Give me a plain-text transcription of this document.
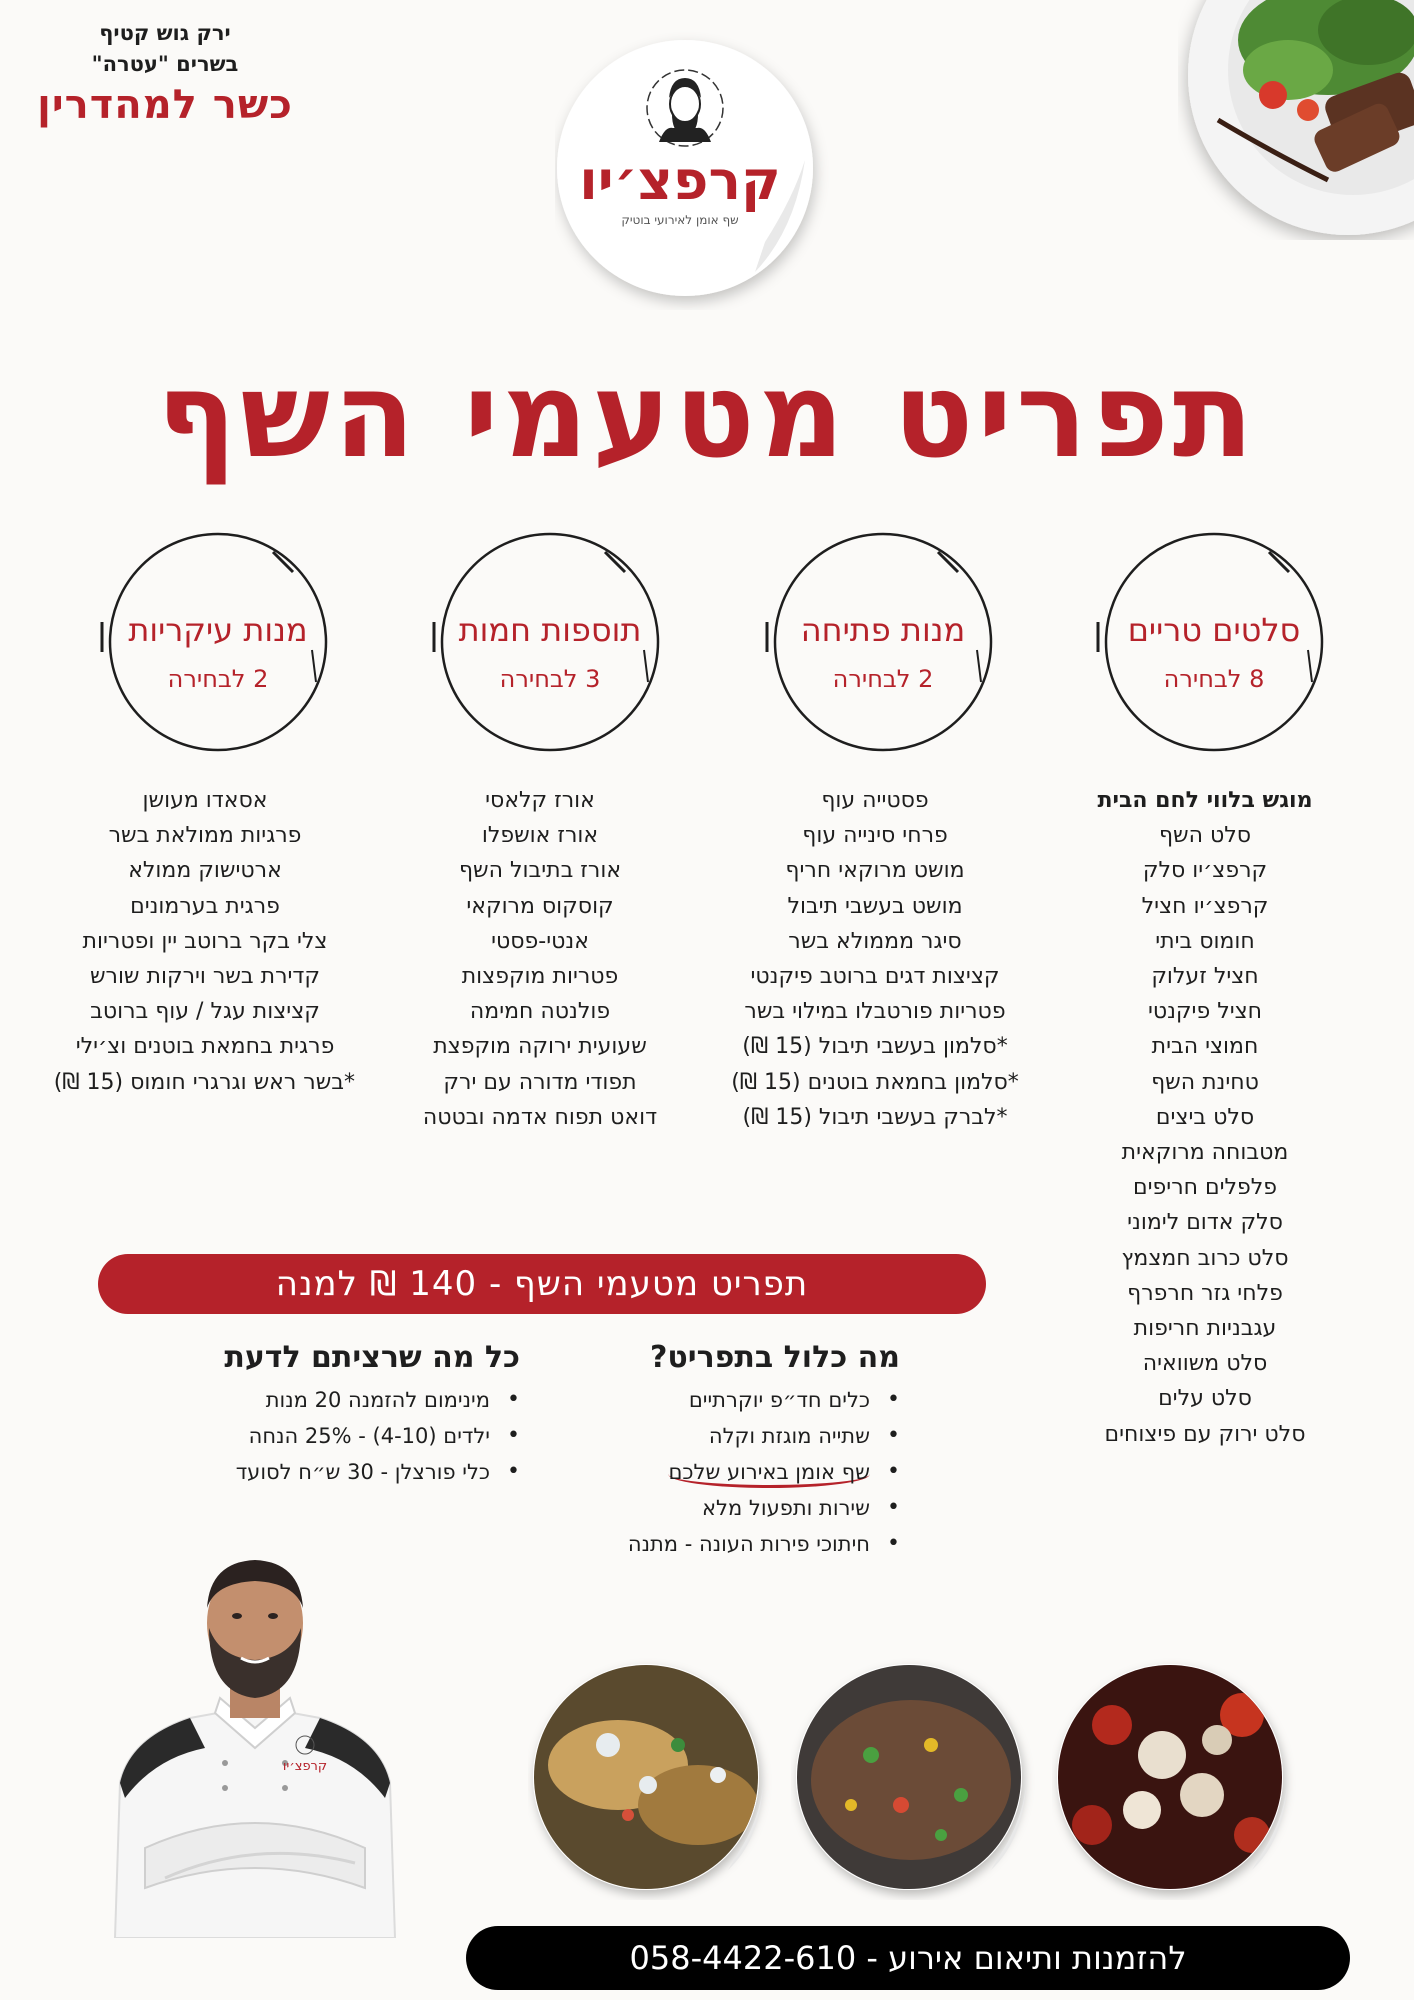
ירק גוש קטיף
בשרים "עטרה"
כשר למהדרין
קרפצ׳יו
שף אומן לאירועי בוטיק
תפריט מטעמי השף
סלטים טריים
8 לבחירה
מנות פתיחה
2 לבחירה
תוספות חמות
3 לבחירה
מנות עיקריות
2 לבחירה
מוגש בלווי לחם הבית
סלט השף
קרפצ׳יו סלק
קרפצ׳יו חציל
חומוס ביתי
חציל זעלוק
חציל פיקנטי
חמוצי הבית
טחינת השף
סלט ביצים
מטבוחה מרוקאית
פלפלים חריפים
סלק אדום לימוני
סלט כרוב חמצמץ
פלחי גזר חרפרף
עגבניות חריפות
סלט משוואיה
סלט עלים
סלט ירוק עם פיצוחים
פסטייה עוף
פרחי סינייה עוף
מושט מרוקאי חריף
מושט בעשבי תיבול
סיגר מממולא בשר
קציצות דגים ברוטב פיקנטי
פטריות פורטבלו במילוי בשר
*סלמון בעשבי תיבול (15 ₪)
*סלמון בחמאת בוטנים (15 ₪)
*לברק בעשבי תיבול (15 ₪)
אורז קלאסי
אורז אושפלו
אורז בתיבול השף
קוסקוס מרוקאי
אנטי-פסטי
פטריות מוקפצות
פולנטה חמימה
שעועית ירוקה מוקפצת
תפודי מדורה עם ירק
דואט תפוח אדמה ובטטה
אסאדו מעושן
פרגיות ממולאת בשר
ארטישוק ממולא
פרגית בערמונים
צלי בקר ברוטב יין ופטריות
קדירת בשר וירקות שורש
קציצות עגל / עוף ברוטב
פרגית בחמאת בוטנים וצ׳ילי
*בשר ראש וגרגרי חומוס (15 ₪)
תפריט מטעמי השף - 140 ₪ למנה
מה כלול בתפריט?
• כלים חד״פ יוקרתיים
• שתייה מוגזת וקלה
• שף אומן באירוע שלכם
• שירות ותפעול מלא
• חיתוכי פירות העונה - מתנה
כל מה שרציתם לדעת
• מינימום להזמנה 20 מנות
• ילדים (4-10) - 25% הנחה
• כלי פורצלן - 30 ש״ח לסועד
קרפצ׳יו
להזמנות ותיאום אירוע - 058-4422-610
